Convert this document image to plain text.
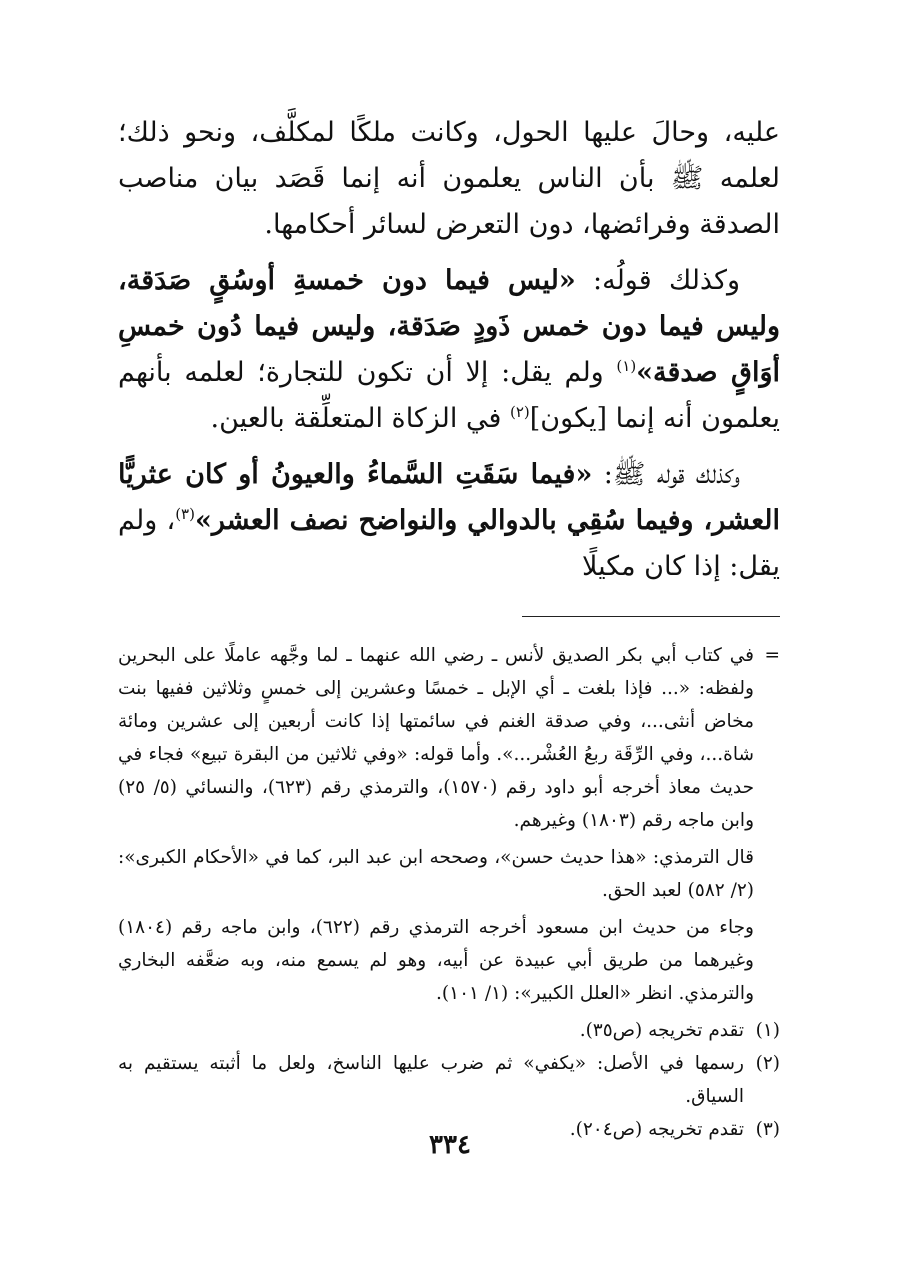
عليه، وحالَ عليها الحول، وكانت ملكًا لمكلَّف، ونحو ذلك؛ لعلمه ﷺ بأن الناس يعلمون أنه إنما قَصَد بيان مناصب الصدقة وفرائضها، دون التعرض لسائر أحكامها.

وكذلك قولُه: «ليس فيما دون خمسةِ أوسُقٍ صَدَقة، وليس فيما دون خمس ذَودٍ صَدَقة، وليس فيما دُون خمسِ أوَاقٍ صدقة»$^{(١)}$ ولم يقل: إلا أن تكون للتجارة؛ لعلمه بأنهم يعلمون أنه إنما [يكون]$^{(٢)}$ في الزكاة المتعلِّقة بالعين.

وكذلك قوله ﷺ: «فيما سَقَتِ السَّماءُ والعيونُ أو كان عثريًّا العشر، وفيما سُقِي بالدوالي والنواضح نصف العشر»$^{(٣)}$، ولم يقل: إذا كان مكيلًا

=
في كتاب أبي بكر الصديق لأنس ـ رضي الله عنهما ـ لما وجَّهه عاملًا على البحرين ولفظه: «... فإذا بلغت ـ أي الإبل ـ خمسًا وعشرين إلى خمسٍ وثلاثين ففيها بنت مخاض أنثى...، وفي صدقة الغنم في سائمتها إذا كانت أربعين إلى عشرين ومائة شاة...، وفي الرِّقَة ربعُ العُشْر...». وأما قوله: «وفي ثلاثين من البقرة تبيع» فجاء في حديث معاذ أخرجه أبو داود رقم (١٥٧٠)، والترمذي رقم (٦٢٣)، والنسائي (٥/ ٢٥) وابن ماجه رقم (١٨٠٣) وغيرهم.
قال الترمذي: «هذا حديث حسن»، وصححه ابن عبد البر، كما في «الأحكام الكبرى»: (٢/ ٥٨٢) لعبد الحق.
وجاء من حديث ابن مسعود أخرجه الترمذي رقم (٦٢٢)، وابن ماجه رقم (١٨٠٤) وغيرهما من طريق أبي عبيدة عن أبيه، وهو لم يسمع منه، وبه ضعَّفه البخاري والترمذي. انظر «العلل الكبير»: (١/ ١٠١).
(١)
تقدم تخريجه (ص٣٥).
(٢)
رسمها في الأصل: «يكفي» ثم ضرب عليها الناسخ، ولعل ما أثبته يستقيم به السياق.
(٣)
تقدم تخريجه (ص٢٠٤).
٣٣٤
